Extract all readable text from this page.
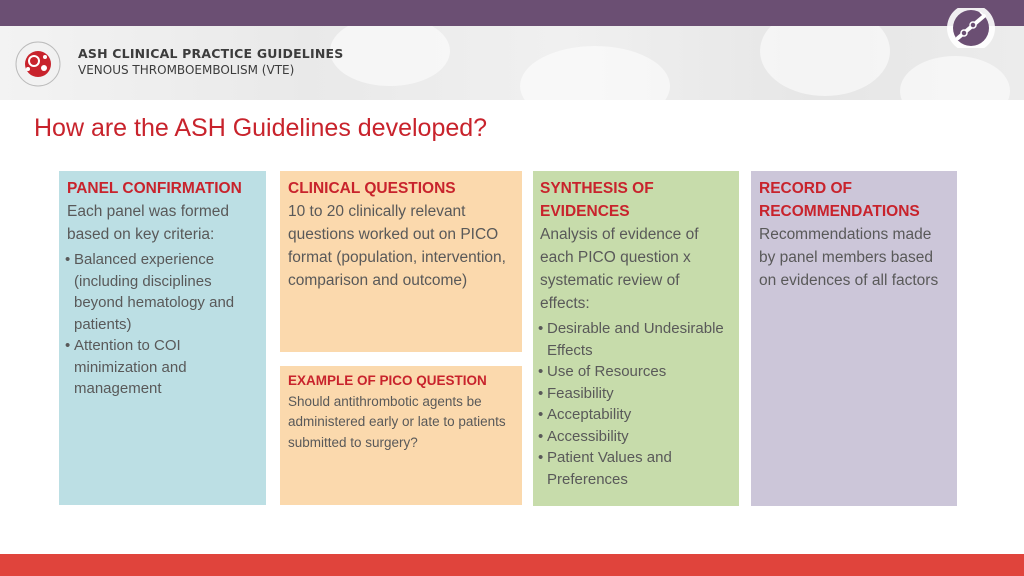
ASH CLINICAL PRACTICE GUIDELINES
VENOUS THROMBOEMBOLISM (VTE)
How are the ASH Guidelines developed?
PANEL CONFIRMATION
Each panel was formed based on key criteria:
• Balanced experience (including disciplines beyond hematology and patients)
• Attention to COI minimization and management
CLINICAL QUESTIONS
10 to 20 clinically relevant questions worked out on PICO format (population, intervention, comparison and outcome)
EXAMPLE OF PICO QUESTION
Should antithrombotic agents be administered early or late to patients submitted to surgery?
SYNTHESIS OF EVIDENCES
Analysis of evidence of each PICO question x systematic review of effects:
• Desirable and Undesirable Effects
• Use of Resources
• Feasibility
• Acceptability
• Accessibility
• Patient Values and Preferences
RECORD OF RECOMMENDATIONS
Recommendations made by panel members based on evidences of all factors
